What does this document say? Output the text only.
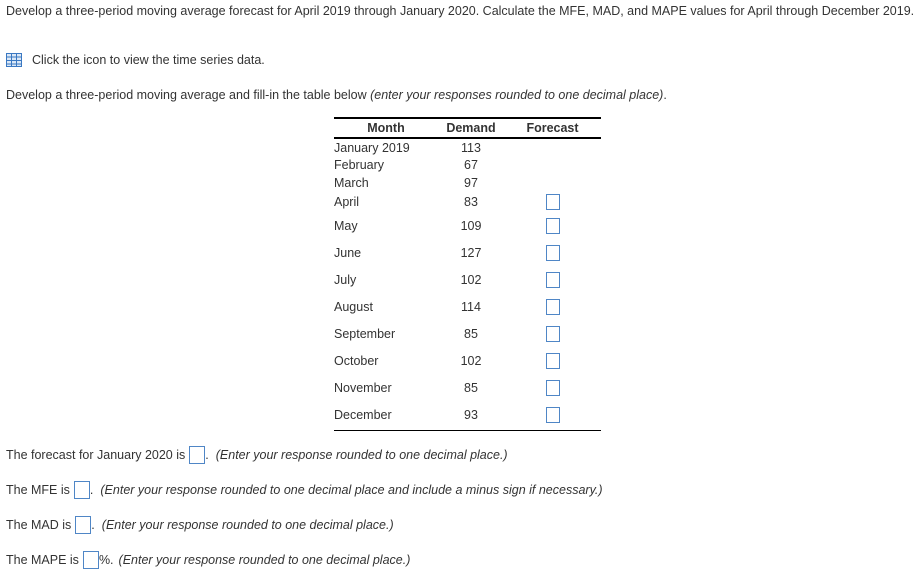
Develop a three-period moving average forecast for April 2019 through January 2020. Calculate the MFE, MAD, and MAPE values for April through December 2019.
Click the icon to view the time series data.
Develop a three-period moving average and fill-in the table below (enter your responses rounded to one decimal place).
Month	Demand	Forecast
January 2019	113	
February	67	
March	97	
April	83	
May	109	
June	127	
July	102	
August	114	
September	85	
October	102	
November	85	
December	93	
The forecast for January 2020 is . (Enter your response rounded to one decimal place.)
The MFE is . (Enter your response rounded to one decimal place and include a minus sign if necessary.)
The MAD is . (Enter your response rounded to one decimal place.)
The MAPE is %. (Enter your response rounded to one decimal place.)
